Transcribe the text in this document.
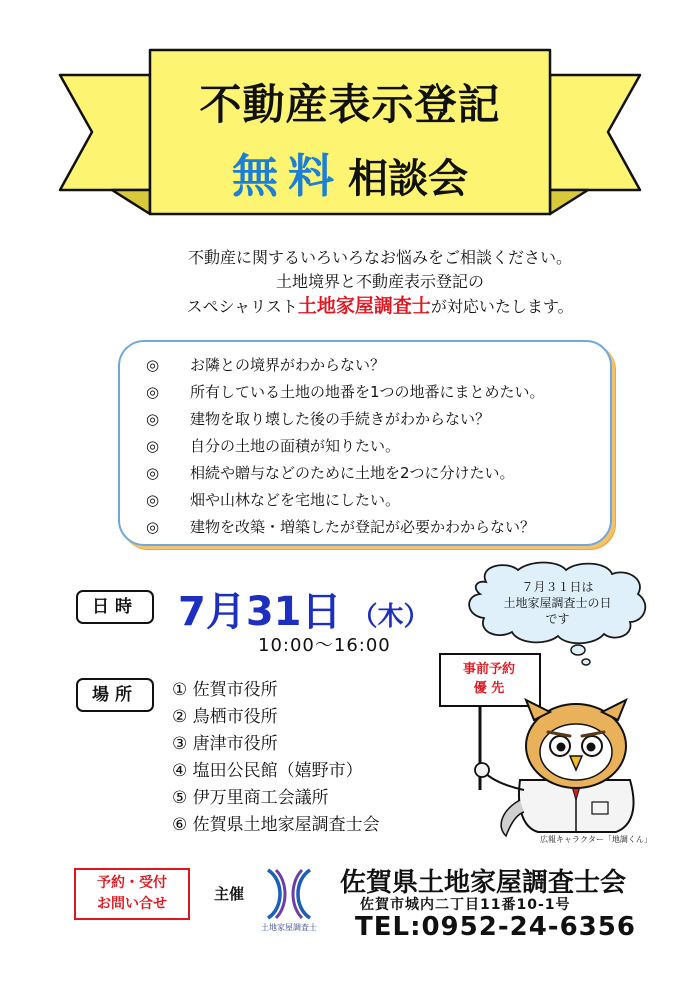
不動産表示登記
無料 相談会
不動産に関するいろいろなお悩みをご相談ください。
土地境界と不動産表示登記の
スペシャリスト土地家屋調査士が対応いたします。
◎ お隣との境界がわからない？
◎ 所有している土地の地番を1つの地番にまとめたい。
◎ 建物を取り壊した後の手続きがわからない？
◎ 自分の土地の面積が知りたい。
◎ 相続や贈与などのために土地を2つに分けたい。
◎ 畑や山林などを宅地にしたい。
◎ 建物を改築・増築したが登記が必要かわからない？
日時	7月31日 （木）
10:00～16:00
場所	① 佐賀市役所
② 鳥栖市役所
③ 唐津市役所
④ 塩田公民館（嬉野市）
⑤ 伊万里商工会議所
⑥ 佐賀県土地家屋調査士会
７月３１日は
土地家屋調査士の日
です
事前予約
優 先
広報キャラクター「地調くん」
予約・受付
お問い合せ
主催
土地家屋調査士
佐賀県土地家屋調査士会
佐賀市城内二丁目11番10-1号
TEL:0952-24-6356
